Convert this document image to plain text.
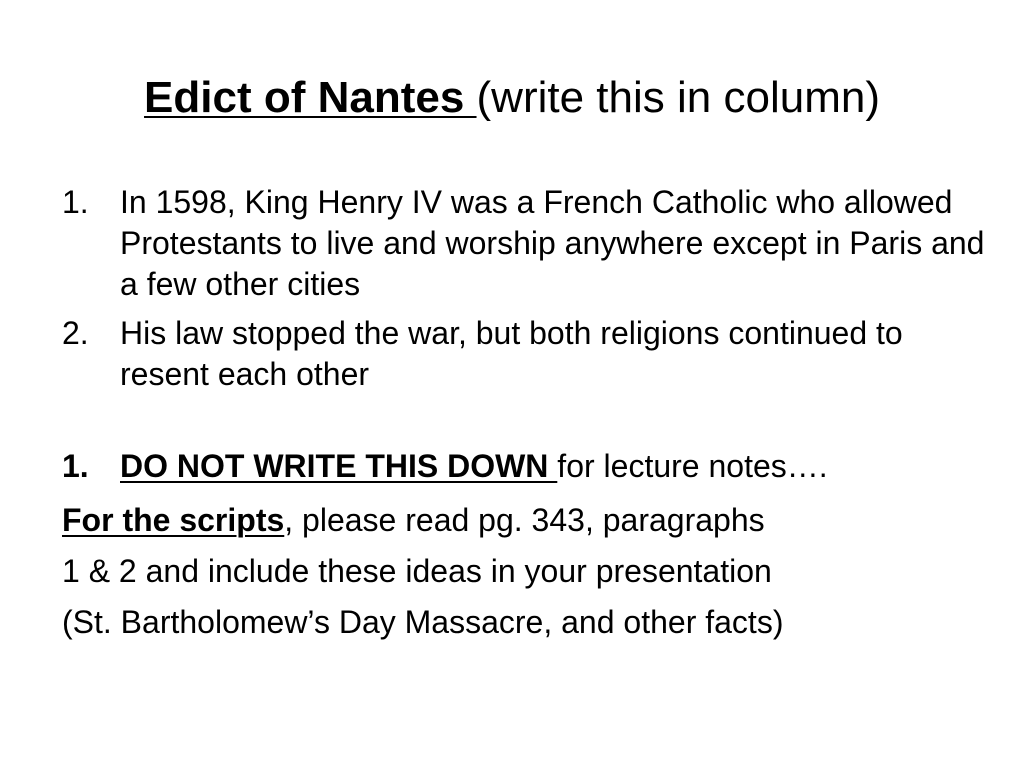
Edict of Nantes (write this in column)
1. In 1598, King Henry IV was a French Catholic who allowed Protestants to live and worship anywhere except in Paris and a few other cities
2. His law stopped the war, but both religions continued to resent each other
1. DO NOT WRITE THIS DOWN for lecture notes….
For the scripts, please read pg. 343, paragraphs
1 & 2 and include these ideas in your presentation
(St. Bartholomew’s Day Massacre, and other facts)
